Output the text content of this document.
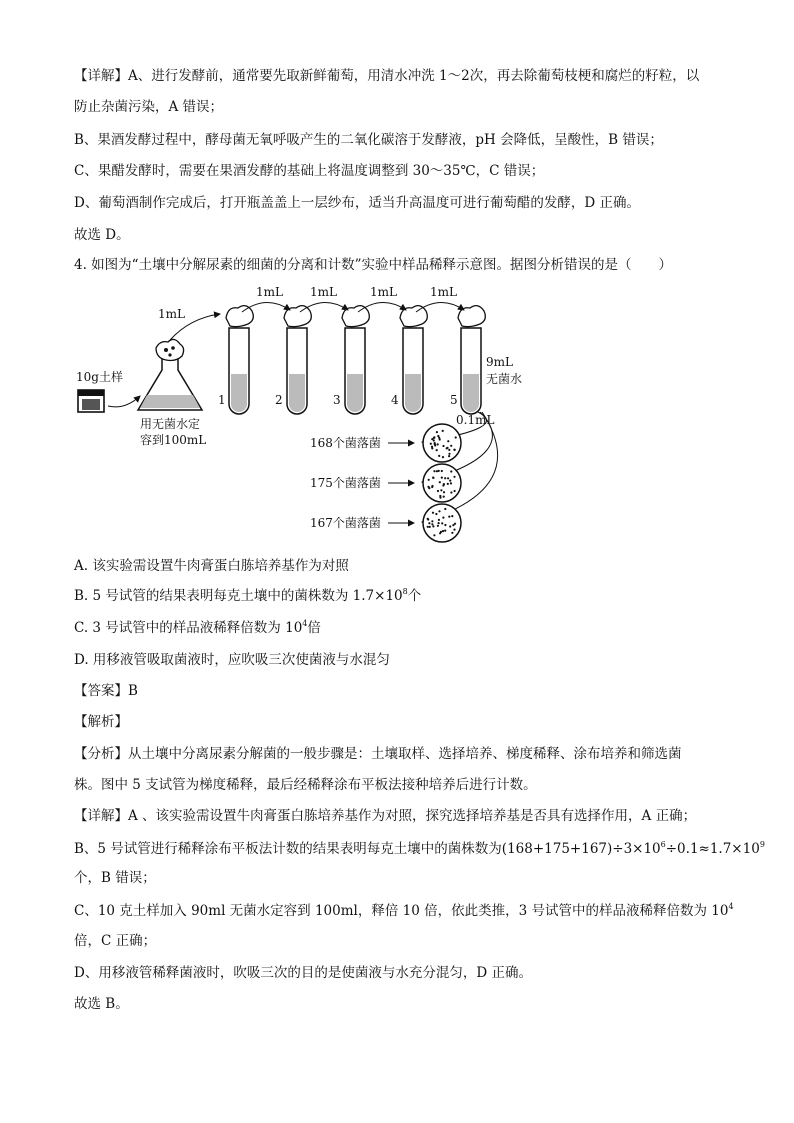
【详解】A、进行发酵前，通常要先取新鲜葡萄，用清水冲洗 1～2次，再去除葡萄枝梗和腐烂的籽粒，以
防止杂菌污染，A 错误；
B、果酒发酵过程中，酵母菌无氧呼吸产生的二氧化碳溶于发酵液，pH 会降低，呈酸性，B 错误；
C、果醋发酵时，需要在果酒发酵的基础上将温度调整到 30～35℃，C 错误；
D、葡萄酒制作完成后，打开瓶盖盖上一层纱布，适当升高温度可进行葡萄醋的发酵，D 正确。
故选 D。
4. 如图为“土壤中分解尿素的细菌的分离和计数”实验中样品稀释示意图。据图分析错误的是（　　）
10g土样
用无菌水定
容到100mL
1mL
1	2	3	4	5
1mL 1mL	1mL	1mL
9mL
无菌水
0.1mL
168个菌落菌
175个菌落菌
167个菌落菌
A. 该实验需设置牛肉膏蛋白胨培养基作为对照
B. 5 号试管的结果表明每克土壤中的菌株数为 $1.7\times 10^8$个
C. 3 号试管中的样品液稀释倍数为 $10^4$倍
D. 用移液管吸取菌液时，应吹吸三次使菌液与水混匀
【答案】B
【解析】
【分析】从土壤中分离尿素分解菌的一般步骤是：土壤取样、选择培养、梯度稀释、涂布培养和筛选菌
株。图中 5 支试管为梯度稀释，最后经稀释涂布平板法接种培养后进行计数。
【详解】A 、该实验需设置牛肉膏蛋白胨培养基作为对照，探究选择培养基是否具有选择作用，A 正确；
B、5 号试管进行稀释涂布平板法计数的结果表明每克土壤中的菌株数为$(168+175+167)\div 3\times 10^6\div 0.1\approx 1.7\times 10^9$
个，B 错误；
C、10 克土样加入 90ml 无菌水定容到 100ml，释倍 10 倍，依此类推，3 号试管中的样品液稀释倍数为 $10^4$
倍，C 正确；
D、用移液管稀释菌液时，吹吸三次的目的是使菌液与水充分混匀，D 正确。
故选 B。
